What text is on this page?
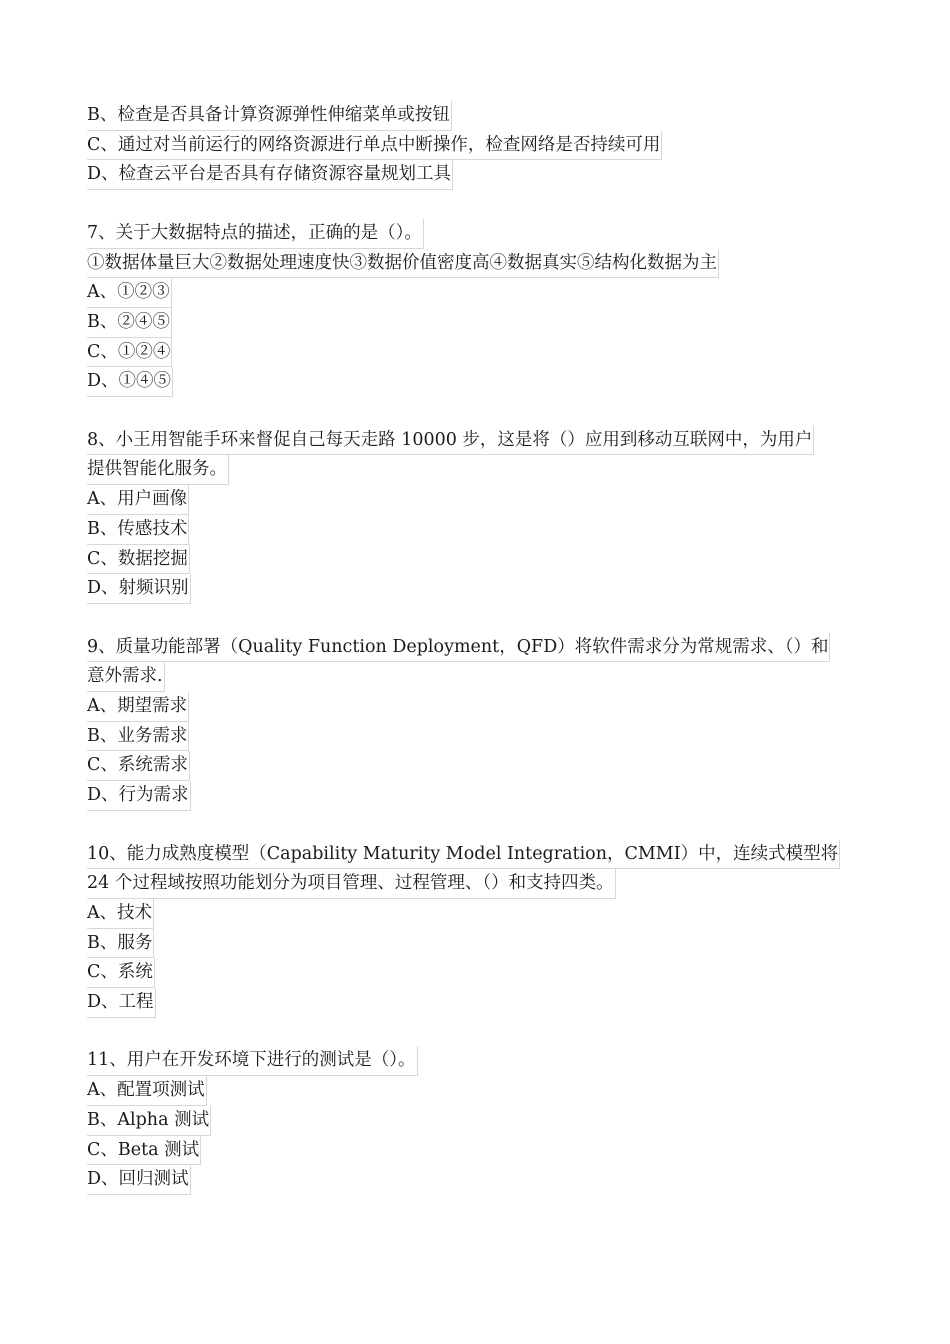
B、检查是否具备计算资源弹性伸缩菜单或按钮
C、通过对当前运行的网络资源进行单点中断操作，检查网络是否持续可用
D、检查云平台是否具有存储资源容量规划工具
7、关于大数据特点的描述，正确的是（）。
①数据体量巨大②数据处理速度快③数据价值密度高④数据真实⑤结构化数据为主
A、①②③
B、②④⑤
C、①②④
D、①④⑤
8、小王用智能手环来督促自己每天走路 10000 步，这是将（）应用到移动互联网中，为用户
提供智能化服务。
A、用户画像
B、传感技术
C、数据挖掘
D、射频识别
9、质量功能部署（Quality Function Deployment，QFD）将软件需求分为常规需求、（）和
意外需求.
A、期望需求
B、业务需求
C、系统需求
D、行为需求
10、能力成熟度模型（Capability Maturity Model Integration，CMMI）中，连续式模型将
24 个过程域按照功能划分为项目管理、过程管理、（）和支持四类。
A、技术
B、服务
C、系统
D、工程
11、用户在开发环境下进行的测试是（）。
A、配置项测试
B、Alpha 测试
C、Beta 测试
D、回归测试
